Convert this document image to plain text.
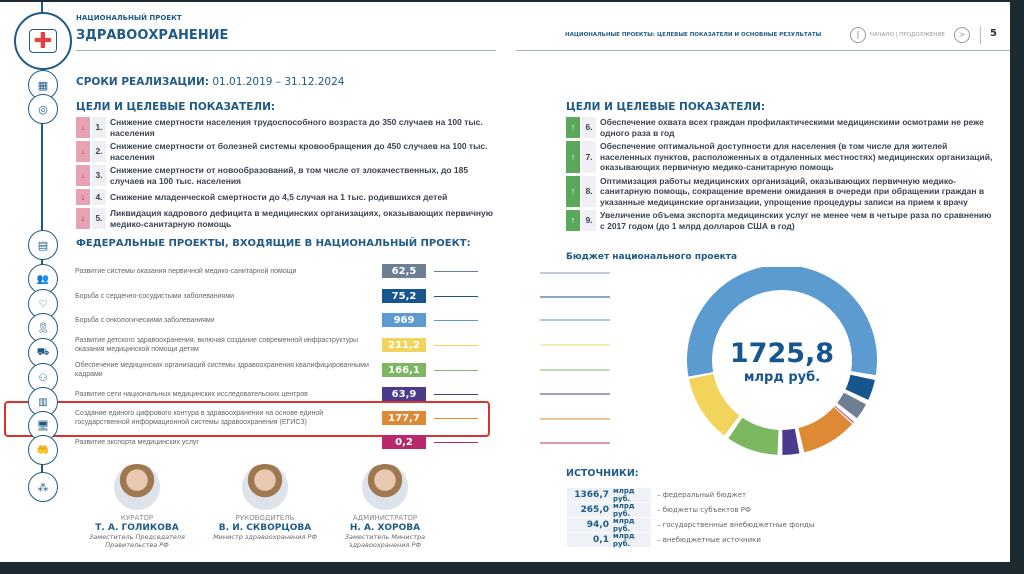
✚
НАЦИОНАЛЬНЫЙ ПРОЕКТ
ЗДРАВООХРАНЕНИЕ	НАЦИОНАЛЬНЫЕ ПРОЕКТЫ: ЦЕЛЕВЫЕ ПОКАЗАТЕЛИ И ОСНОВНЫЕ РЕЗУЛЬТАТЫ	|	НАЧАЛО | ПРОДОЛЖЕНИЕ	>	5
▦	СРОКИ РЕАЛИЗАЦИИ: 01.01.2019 – 31.12.2024
◎	ЦЕЛИ И ЦЕЛЕВЫЕ ПОКАЗАТЕЛИ:
↓	1.
Снижение смертности населения трудоспособного возраста до 350 случаев на 100 тыс. населения
↓	2.
Снижение смертности от болезней системы кровообращения до 450 случаев на 100 тыс. населения
↓	3.
Снижение смертности от новообразований, в том числе от злокачественных, до 185 случаев на 100 тыс. населения
↓	4. Снижение младенческой смертности до 4,5 случая на 1 тыс. родившихся детей
↓	5.
Ликвидация кадрового дефицита в медицинских организациях, оказывающих первичную медико-санитарную помощь
ЦЕЛИ И ЦЕЛЕВЫЕ ПОКАЗАТЕЛИ:
↑	6.
Обеспечение охвата всех граждан профилактическими медицинскими осмотрами не реже одного раза в год
↑	7.
Обеспечение оптимальной доступности для населения (в том числе для жителей населенных пунктов, расположенных в отдаленных местностях) медицинских организаций, оказывающих первичную медико-санитарную помощь
↑	8.
Оптимизация работы медицинских организаций, оказывающих первичную медико-санитарную помощь, сокращение времени ожидания в очереди при обращении граждан в указанные медицинские организации, упрощение процедуры записи на прием к врачу
↑	9.
Увеличение объема экспорта медицинских услуг не менее чем в четыре раза по сравнению с 2017 годом (до 1 млрд долларов США в год)
▤	ФЕДЕРАЛЬНЫЕ ПРОЕКТЫ, ВХОДЯЩИЕ В НАЦИОНАЛЬНЫЙ ПРОЕКТ:
⁂
Бюджет национального проекта
1725,8
млрд руб.
ИСТОЧНИКИ:
👥
Развитие системы оказания первичной медико-санитарной помощи	62,5
♡
Борьба с сердечно-сосудистыми заболеваниями	75,2
🎗
Борьба с онкологическими заболеваниями	969
⛟
Развитие детского здравоохранения, включая создание современной инфраструктуры оказания медицинской помощи детям	211,2
⚇
Обеспечение медицинских организаций системы здравоохранения квалифицированными кадрами	166,1
▥
Развитие сети национальных медицинских исследовательских центров	63,9
🖥
Создание единого цифрового контура в здравоохранении на основе единой государственной информационной системы здравоохранения (ЕГИСЗ)	177,7
🤲
Развитие экспорта медицинских услуг	0,2
КУРАТОР
Т. А. ГОЛИКОВА
Заместитель Председателя Правительства РФ
РУКОВОДИТЕЛЬ
В. И. СКВОРЦОВА
Министр здравоохранения РФ
АДМИНИСТРАТОР
Н. А. ХОРОВА
Заместитель Министра здравоохранения РФ
1366,7 млрд руб.	– федеральный бюджет
265,0 млрд руб.	– бюджеты субъектов РФ
94,0 млрд руб.	– государственные внебюджетные фонды
0,1 млрд руб.	– внебюджетные источники
